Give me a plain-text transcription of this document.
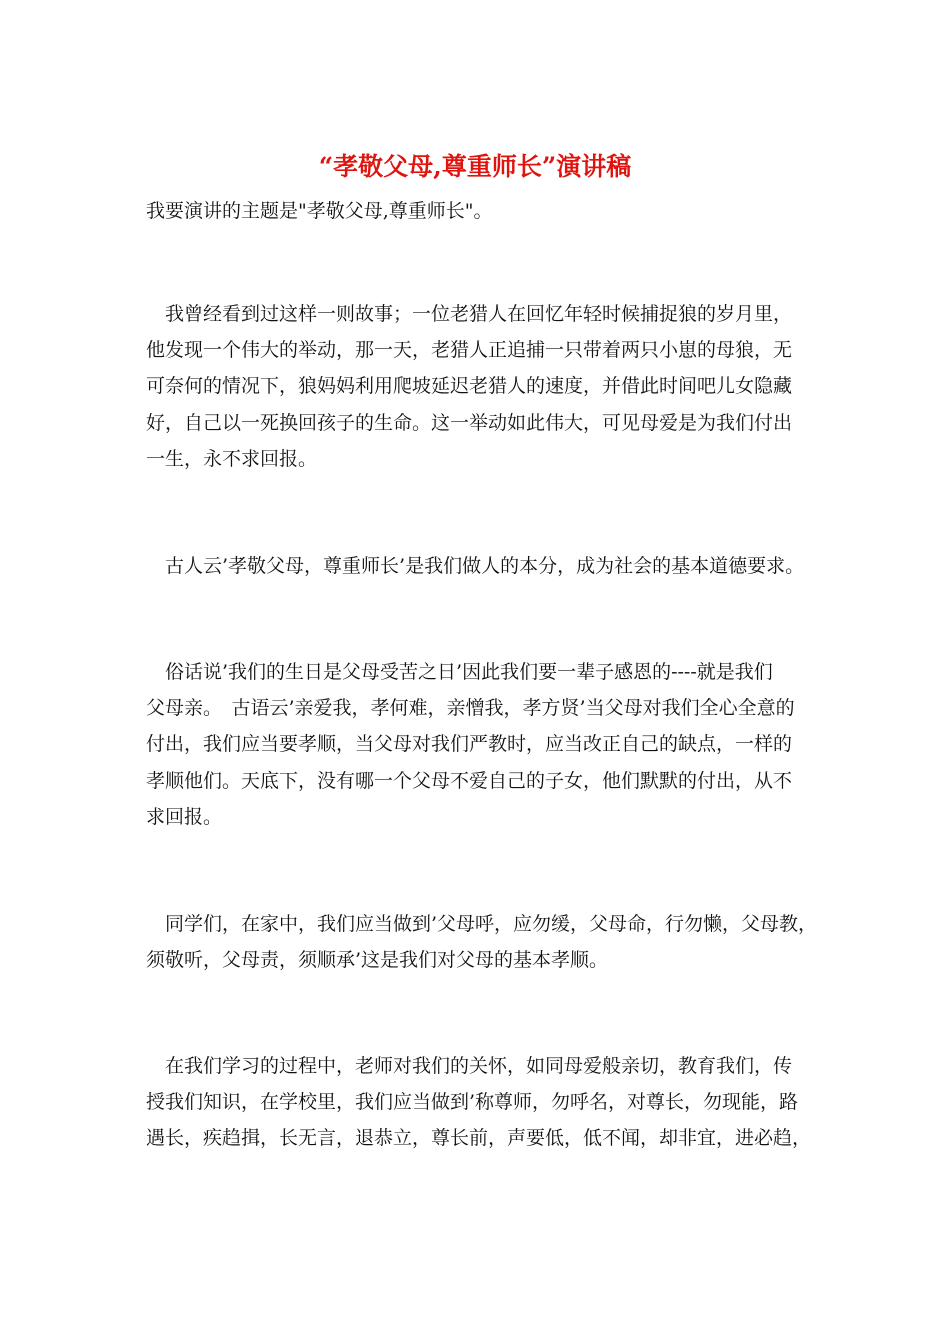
“孝敬父母,尊重师长”演讲稿
我要演讲的主题是"孝敬父母,尊重师长"。
　我曾经看到过这样一则故事；一位老猎人在回忆年轻时候捕捉狼的岁月里，
他发现一个伟大的举动，那一天，老猎人正追捕一只带着两只小崽的母狼，无
可奈何的情况下，狼妈妈利用爬坡延迟老猎人的速度，并借此时间吧儿女隐藏
好，自己以一死换回孩子的生命。这一举动如此伟大，可见母爱是为我们付出
一生，永不求回报。
　古人云’孝敬父母，尊重师长’是我们做人的本分，成为社会的基本道德要求。
　俗话说’我们的生日是父母受苦之日’因此我们要一辈子感恩的----就是我们
父母亲。　古语云’亲爱我，孝何难，亲憎我，孝方贤’当父母对我们全心全意的
付出，我们应当要孝顺，当父母对我们严教时，应当改正自己的缺点，一样的
孝顺他们。天底下，没有哪一个父母不爱自己的子女，他们默默的付出，从不
求回报。
　同学们，在家中，我们应当做到’父母呼，应勿缓，父母命，行勿懒，父母教，
须敬听，父母责，须顺承’这是我们对父母的基本孝顺。
　在我们学习的过程中，老师对我们的关怀，如同母爱般亲切，教育我们，传
授我们知识，在学校里，我们应当做到’称尊师，勿呼名，对尊长，勿现能，路
遇长，疾趋揖，长无言，退恭立，尊长前，声要低，低不闻，却非宜，进必趋，
